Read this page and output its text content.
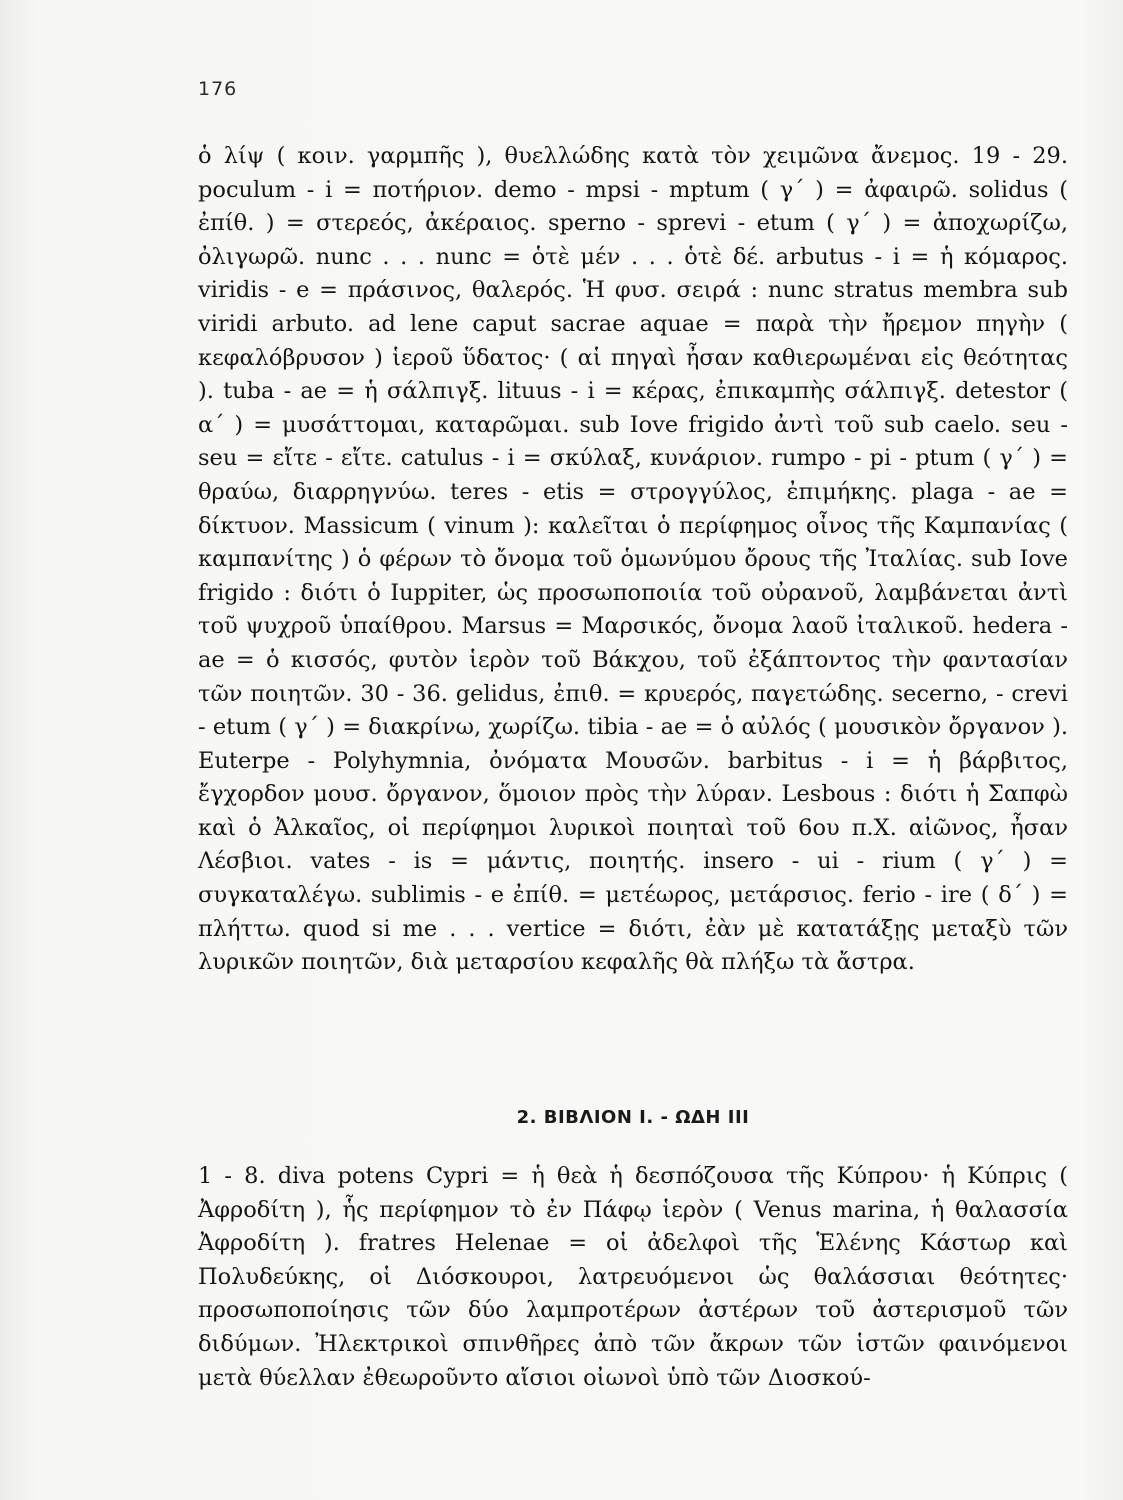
176
ὁ λίψ ( κοιν. γαρμπῆς ), θυελλώδης κατὰ τὸν χειμῶνα ἄνεμος. 19 - 29. poculum - i = ποτήριον. demo - mpsi - mptum ( γ΄ ) = ἀφαιρῶ. solidus ( ἐπίθ. ) = στερεός, ἀκέραιος. sperno - sprevi - etum ( γ΄ ) = ἀποχωρίζω, ὀλιγωρῶ. nunc . . . nunc = ὁτὲ μέν . . . ὁτὲ δέ. arbutus - i = ἡ κόμαρος. viridis - e = πράσινος, θαλερός. Ἡ φυσ. σειρά : nunc stratus membra sub viridi arbuto. ad lene caput sacrae aquae = παρὰ τὴν ἤρεμον πηγὴν ( κεφαλόβρυσον ) ἱεροῦ ὕδατος· ( αἱ πηγαὶ ἦσαν καθιερωμέναι εἰς θεότητας ). tuba - ae = ἡ σάλπιγξ. lituus - i = κέρας, ἐπικαμπὴς σάλπιγξ. detestor ( α΄ ) = μυσάττομαι, καταρῶμαι. sub Iove frigido ἀντὶ τοῦ sub caelo. seu - seu = εἴτε - εἴτε. catulus - i = σκύλαξ, κυνάριον. rumpo - pi - ptum ( γ΄ ) = θραύω, διαρρηγνύω. teres - etis = στρογγύλος, ἐπιμήκης. plaga - ae = δίκτυον. Massicum ( vinum ): καλεῖται ὁ περίφημος οἶνος τῆς Καμπανίας ( καμπανίτης ) ὁ φέρων τὸ ὄνομα τοῦ ὁμωνύμου ὄρους τῆς Ἰταλίας. sub Iove frigido : διότι ὁ Iuppiter, ὡς προσωποποιία τοῦ οὐρανοῦ, λαμβάνεται ἀντὶ τοῦ ψυχροῦ ὑπαίθρου. Marsus = Μαρσικός, ὄνομα λαοῦ ἰταλικοῦ. hedera - ae = ὁ κισσός, φυτὸν ἱερὸν τοῦ Βάκχου, τοῦ ἐξάπτοντος τὴν φαντασίαν τῶν ποιητῶν. 30 - 36. gelidus, ἐπιθ. = κρυερός, παγετώδης. secerno, - crevi - etum ( γ΄ ) = διακρίνω, χωρίζω. tibia - ae = ὁ αὐλός ( μουσικὸν ὄργανον ). Euterpe - Polyhymnia, ὀνόματα Μουσῶν. barbitus - i = ἡ βάρβιτος, ἔγχορδον μουσ. ὄργανον, ὅμοιον πρὸς τὴν λύραν. Lesbous : διότι ἡ Σαπφὼ καὶ ὁ Ἀλκαῖος, οἱ περίφημοι λυρικοὶ ποιηταὶ τοῦ 6ου π.Χ. αἰῶνος, ἦσαν Λέσβιοι. vates - is = μάντις, ποιητής. insero - ui - rium ( γ΄ ) = συγκαταλέγω. sublimis - e ἐπίθ. = μετέωρος, μετάρσιος. ferio - ire ( δ΄ ) = πλήττω. quod si me . . . vertice = διότι, ἐὰν μὲ κατατάξῃς μεταξὺ τῶν λυρικῶν ποιητῶν, διὰ μεταρσίου κεφαλῆς θὰ πλήξω τὰ ἄστρα.
2. ΒΙΒΛΙΟΝ Ι. - ΩΔΗ ΙΙΙ
1 - 8. diva potens Cypri = ἡ θεὰ ἡ δεσπόζουσα τῆς Κύπρου· ἡ Κύπρις ( Ἀφροδίτη ), ἧς περίφημον τὸ ἐν Πάφῳ ἱερὸν ( Venus marina, ἡ θαλασσία Ἀφροδίτη ). fratres Helenae = οἱ ἀδελφοὶ τῆς Ἑλένης Κάστωρ καὶ Πολυδεύκης, οἱ Διόσκουροι, λατρευόμενοι ὡς θαλάσσιαι θεότητες· προσωποποίησις τῶν δύο λαμπροτέρων ἀστέρων τοῦ ἀστερισμοῦ τῶν διδύμων. Ἠλεκτρικοὶ σπινθῆρες ἀπὸ τῶν ἄκρων τῶν ἱστῶν φαινόμενοι μετὰ θύελλαν ἐθεωροῦντο αἴσιοι οἰωνοὶ ὑπὸ τῶν Διοσκού-
